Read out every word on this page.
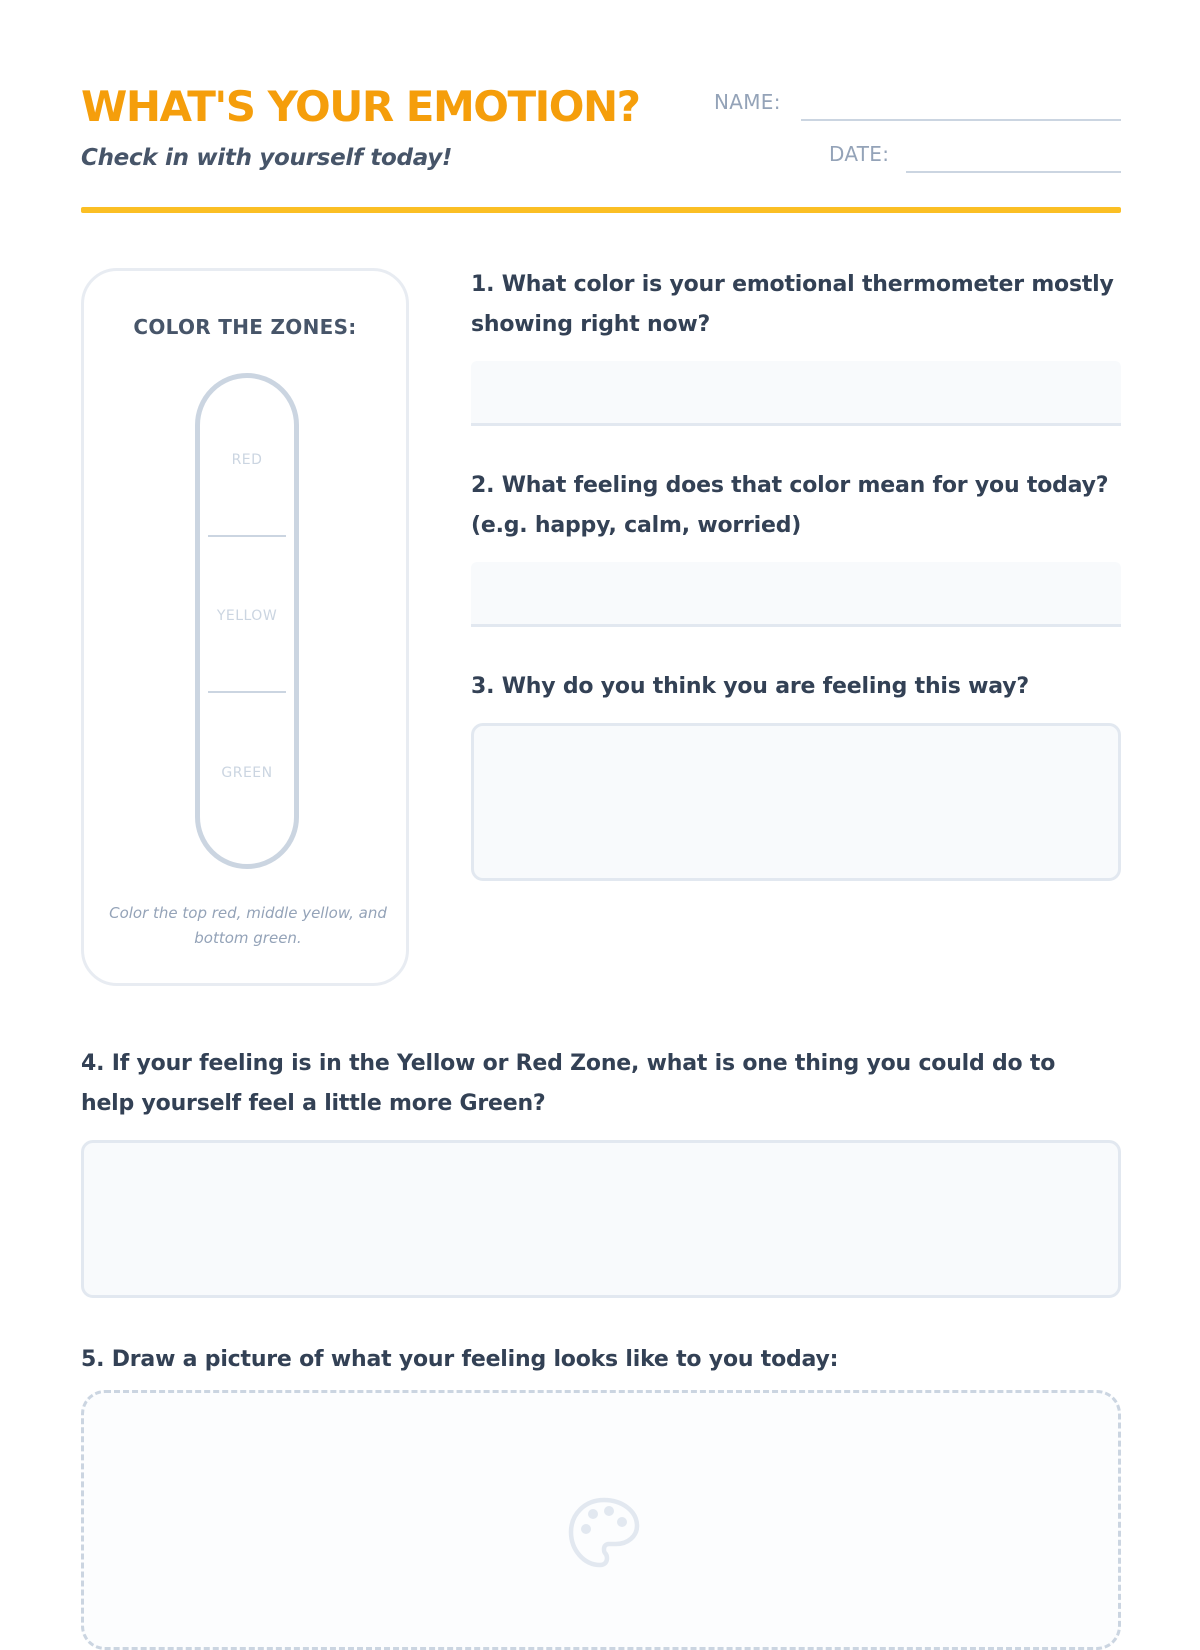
WHAT'S YOUR EMOTION?
Check in with yourself today!
NAME:
DATE:
COLOR THE ZONES:
RED
YELLOW
GREEN
Color the top red, middle yellow, and bottom green.
1. What color is your emotional thermometer mostly showing right now?
2. What feeling does that color mean for you today? (e.g. happy, calm, worried)
3. Why do you think you are feeling this way?
4. If your feeling is in the Yellow or Red Zone, what is one thing you could do to help yourself feel a little more Green?
5. Draw a picture of what your feeling looks like to you today:
